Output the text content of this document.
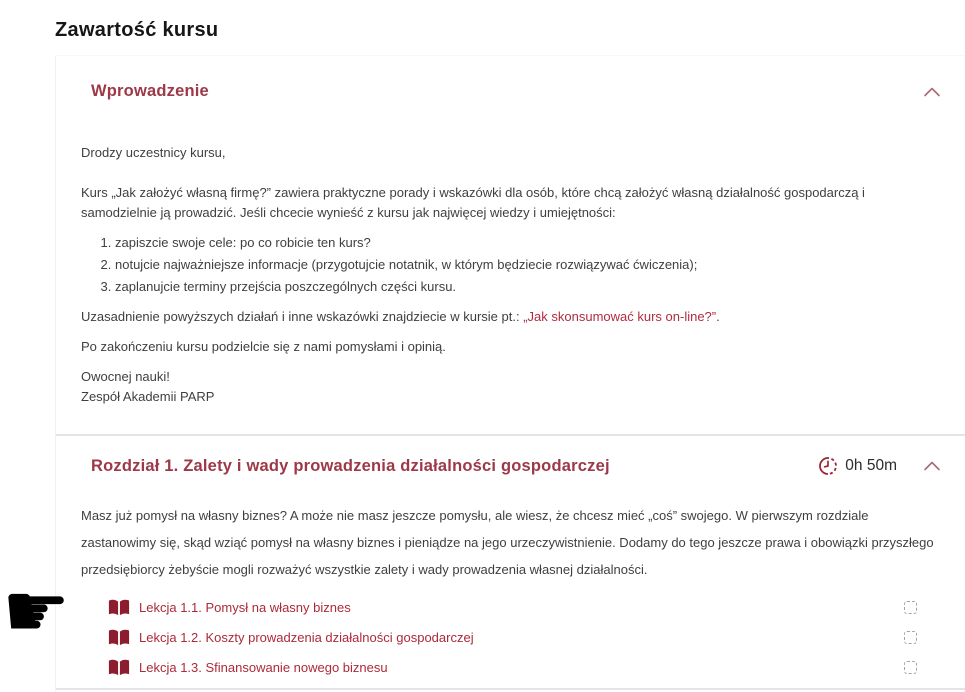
Zawartość kursu
Wprowadzenie

Drodzy uczestnicy kursu,

Kurs „Jak założyć własną firmę?” zawiera praktyczne porady i wskazówki dla osób, które chcą założyć własną działalność gospodarczą i samodzielnie ją prowadzić. Jeśli chcecie wynieść z kursu jak najwięcej wiedzy i umiejętności:

1. zapiszcie swoje cele: po co robicie ten kurs?
2. notujcie najważniejsze informacje (przygotujcie notatnik, w którym będziecie rozwiązywać ćwiczenia);
3. zaplanujcie terminy przejścia poszczególnych części kursu.

Uzasadnienie powyższych działań i inne wskazówki znajdziecie w kursie pt.: „Jak skonsumować kurs on-line?”.

Po zakończeniu kursu podzielcie się z nami pomysłami i opinią.

Owocnej nauki!

Zespół Akademii PARP

Rozdział 1. Zalety i wady prowadzenia działalności gospodarczej	0h 50m

Masz już pomysł na własny biznes? A może nie masz jeszcze pomysłu, ale wiesz, że chcesz mieć „coś” swojego. W pierwszym rozdziale zastanowimy się, skąd wziąć pomysł na własny biznes i pieniądze na jego urzeczywistnienie. Dodamy do tego jeszcze prawa i obowiązki przyszłego przedsiębiorcy żebyście mogli rozważyć wszystkie zalety i wady prowadzenia własnej działalności.

Lekcja 1.1. Pomysł na własny biznes
Lekcja 1.2. Koszty prowadzenia działalności gospodarczej
Lekcja 1.3. Sfinansowanie nowego biznesu
☛
